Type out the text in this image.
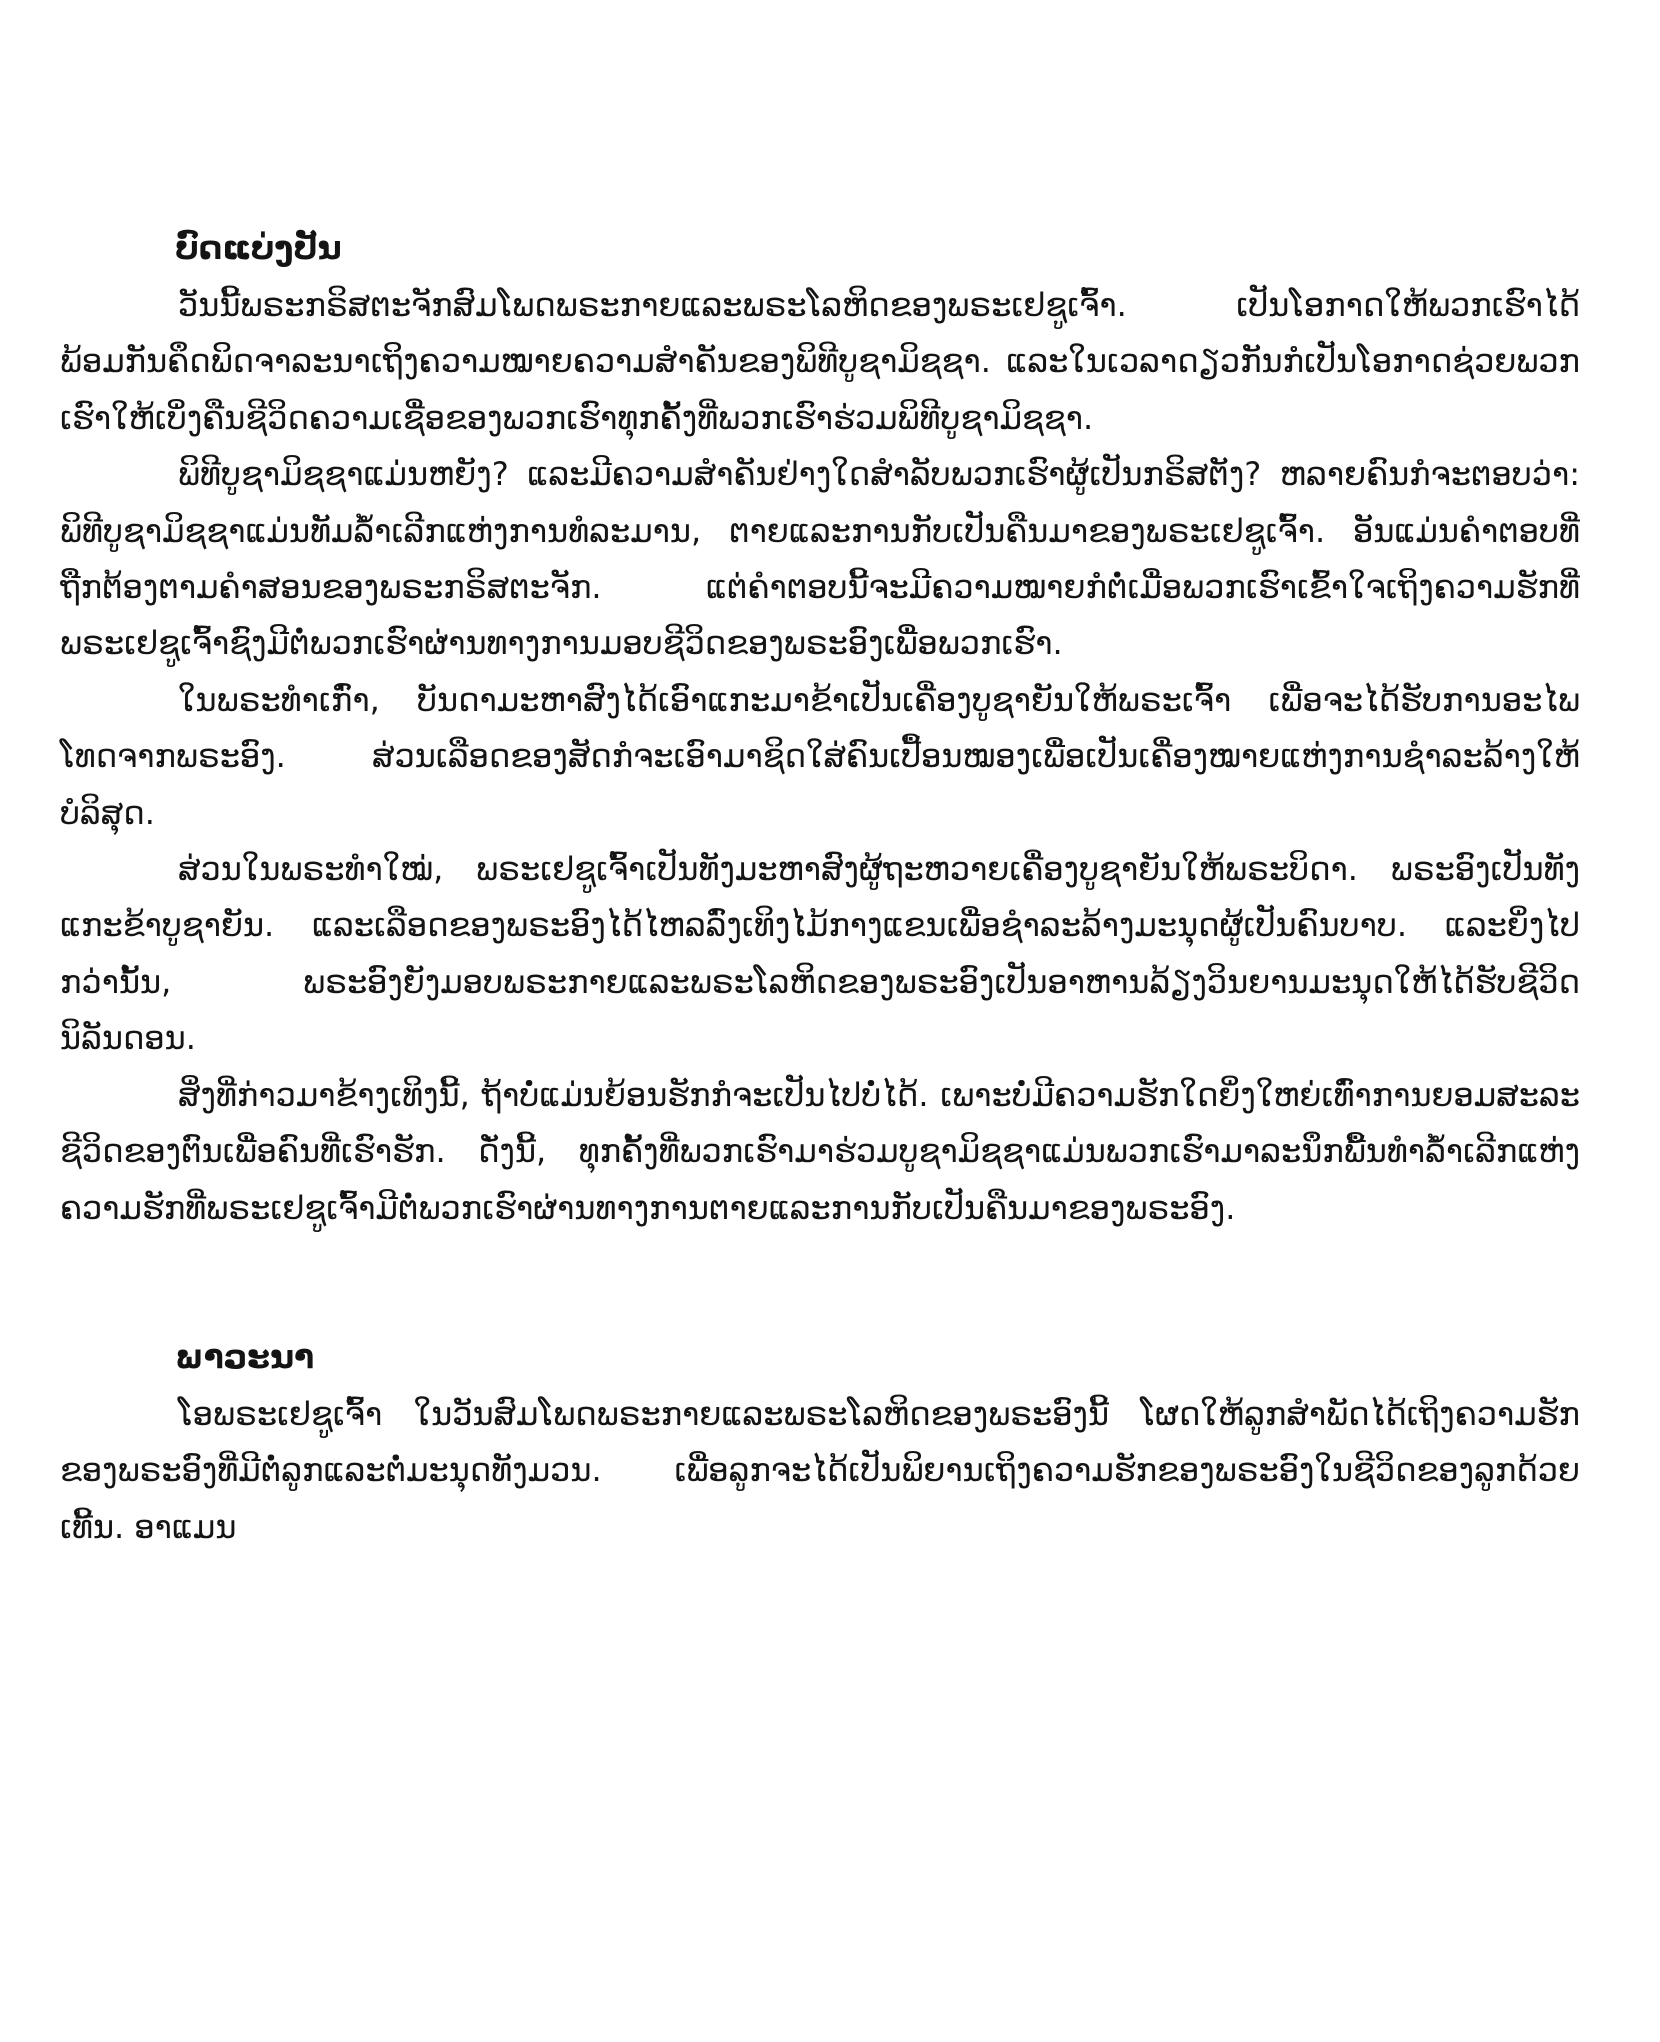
ບົດແບ່ງປັນ

ວັນນີ້ພຣະກຣິສຕະຈັກສົມໂພດພຣະກາຍແລະພຣະໂລຫິດຂອງພຣະເຢຊູເຈົ້າ. ເປັນໂອກາດໃຫ້ພວກເຮົາໄດ້ພ້ອມກັນຄຶດພິດຈາລະນາເຖິງຄວາມໝາຍຄວາມສຳຄັນຂອງພິທີບູຊາມິຊຊາ. ແລະໃນເວລາດຽວກັນກໍເປັນໂອກາດຊ່ວຍພວກເຮົາໃຫ້ເບິ່ງຄືນຊີວິດຄວາມເຊື່ອຂອງພວກເຮົາທຸກຄັ້ງທີ່ພວກເຮົາຮ່ວມພິທີບູຊາມິຊຊາ.

ພິທີບູຊາມິຊຊາແມ່ນຫຍັງ? ແລະມີຄວາມສຳຄັນຢ່າງໃດສຳລັບພວກເຮົາຜູ້ເປັນກຣິສຕັງ? ຫລາຍຄົນກໍຈະຕອບວ່າ: ພິທີບູຊາມິຊຊາແມ່ນທັມລ້ຳເລີກແຫ່ງການທໍລະມານ, ຕາຍແລະການກັບເປັນຄືນມາຂອງພຣະເຢຊູເຈົ້າ. ອັນແມ່ນຄຳຕອບທີ່ຖືກຕ້ອງຕາມຄຳສອນຂອງພຣະກຣິສຕະຈັກ. ແຕ່ຄຳຕອບນີ້ຈະມີຄວາມໝາຍກໍຕໍ່ເມື່ອພວກເຮົາເຂົ້າໃຈເຖິງຄວາມຮັກທີ່ພຣະເຢຊູເຈົ້າຊົງມີຕໍ່ພວກເຮົາຜ່ານທາງການມອບຊີວິດຂອງພຣະອົງເພື່ອພວກເຮົາ.

ໃນພຣະທຳເກົ່າ, ບັນດາມະຫາສົງໄດ້ເອົາແກະມາຂ້າເປັນເຄື່ອງບູຊາຍັນໃຫ້ພຣະເຈົ້າ ເພື່ອຈະໄດ້ຮັບການອະໄພໂທດຈາກພຣະອົງ. ສ່ວນເລືອດຂອງສັດກໍຈະເອົາມາຊິດໃສ່ຄົນເປື້ອນໝອງເພື່ອເປັນເຄື່ອງໝາຍແຫ່ງການຊຳລະລ້າງໃຫ້ບໍລິສຸດ.

ສ່ວນໃນພຣະທຳໃໝ່, ພຣະເຢຊູເຈົ້າເປັນທັງມະຫາສົງຜູ້ຖະຫວາຍເຄື່ອງບູຊາຍັນໃຫ້ພຣະບິດາ. ພຣະອົງເປັນທັງແກະຂ້າບູຊາຍັນ. ແລະເລືອດຂອງພຣະອົງໄດ້ໄຫລລົ່ງເທິງໄມ້ກາງແຂນເພື່ອຊຳລະລ້າງມະນຸດຜູ້ເປັນຄົນບາບ. ແລະຍິ່ງໄປກວ່ານັ້ນ, ພຣະອົງຍັງມອບພຣະກາຍແລະພຣະໂລຫິດຂອງພຣະອົງເປັນອາຫານລ້ຽງວິນຍານມະນຸດໃຫ້ໄດ້ຮັບຊີວິດນິລັນດອນ.

ສິ່ງທີ່ກ່າວມາຂ້າງເທິງນີ້, ຖ້າບໍ່ແມ່ນຍ້ອນຮັກກໍຈະເປັນໄປບໍ່ໄດ້. ເພາະບໍ່ມີຄວາມຮັກໃດຍິ່ງໃຫຍ່ເທົ່າການຍອມສະລະຊີວິດຂອງຕົນເພື່ອຄົນທີ່ເຮົາຮັກ. ດັ່ງນີ້, ທຸກຄັ້ງທີ່ພວກເຮົາມາຮ່ວມບູຊາມິຊຊາແມ່ນພວກເຮົາມາລະນຶກພື້ນທຳລ້ຳເລີກແຫ່ງຄວາມຮັກທີ່ພຣະເຢຊູເຈົ້າມີຕໍ່ພວກເຮົາຜ່ານທາງການຕາຍແລະການກັບເປັນຄືນມາຂອງພຣະອົງ.

ພາວະນາ

ໂອພຣະເຢຊູເຈົ້າ ໃນວັນສົມໂພດພຣະກາຍແລະພຣະໂລຫິດຂອງພຣະອົງນີ້ ໂຜດໃຫ້ລູກສຳພັດໄດ້ເຖິງຄວາມຮັກຂອງພຣະອົງທີ່ມີຕໍ່ລູກແລະຕໍ່ມະນຸດທັງມວນ. ເພື່ອລູກຈະໄດ້ເປັນພິຍານເຖິງຄວາມຮັກຂອງພຣະອົງໃນຊີວິດຂອງລູກດ້ວຍເທີ້ນ. ອາແມນ
